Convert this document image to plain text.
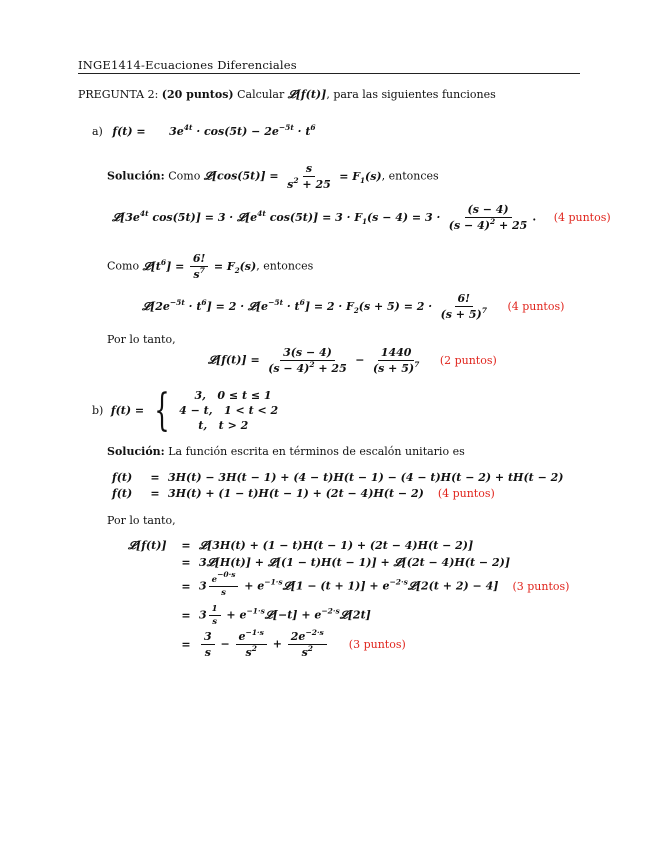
INGE1414-Ecuaciones Diferenciales
PREGUNTA 2: (20 puntos) Calcular 𝓛[f(t)], para las siguientes funciones
a) $f(t) = 3e^{4t} \cdot \cos(5t) - 2e^{-5t} \cdot t^6$
Solución: Como 𝓛[cos(5t)] = $\frac{s}{s^2 + 25} = F_1(s)$, entonces
$𝓛[3e^{4t}$ $\cos(5t)] = 3 \cdot 𝓛[e^{4t}$ $\cos(5t)] = 3 \cdot F_1(s - 4) = 3 \cdot \frac{(s - 4)}{(s - 4)^2 + 25}$ . (4 puntos)
Como $𝓛[t^6] = \frac{6!}{s^7} = F_2(s)$, entonces
$𝓛[2e^{-5t} \cdot t^6] = 2$ · $𝓛[e^{-5t} \cdot t^6] = 2 \cdot F_2(s + 5) = 2 \cdot \frac{6!}{(s + 5)^7} (4$ puntos)
Por lo tanto,
𝓛[f(t)] = $\frac{3(s - 4)}{(s - 4)^2 + 25} - \frac{1440}{(s + 5)^7} (2$ puntos)
b) f(t) = { 3,   0 ≤ t ≤ 1
4 − t,   1 < t < 2
t,   t > 2
Solución: La función escrita en términos de escalón unitario es
f(t)	= 3H(t) − 3H(t − 1) + (4 − t)H(t − 1) − (4 − t)H(t − 2) + tH(t − 2)
f(t)	= 3H(t) + (1 − t)H(t − 1) + (2t − 4)H(t − 2) (4 puntos)
Por lo tanto,
𝓛[f(t)]	= 𝓛[3H(t) + (1 − t)H(t − 1) + (2t − 4)H(t − 2)]
= 3𝓛[H(t)] + 𝓛[(1 − t)H(t − 1)] + 𝓛[(2t − 4)H(t − 2)]
= $3 \frac{e^{-0\cdot s}}{s}$ + $e^{-1\cdot s}𝓛[1 - (t + 1)]$ + $e^{-2\cdot s}𝓛[2(t + 2) - 4]$ (3 puntos)
= $3 \frac{1}{s}$ + $e^{-1\cdot s}𝓛[-t]$ + $e^{-2\cdot s}𝓛[2t]$
= $\frac{3}{s} - \frac{e^{-1\cdot s}}{s^2} + \frac{2e^{-2\cdot s}}{s^2} (3$ puntos)
